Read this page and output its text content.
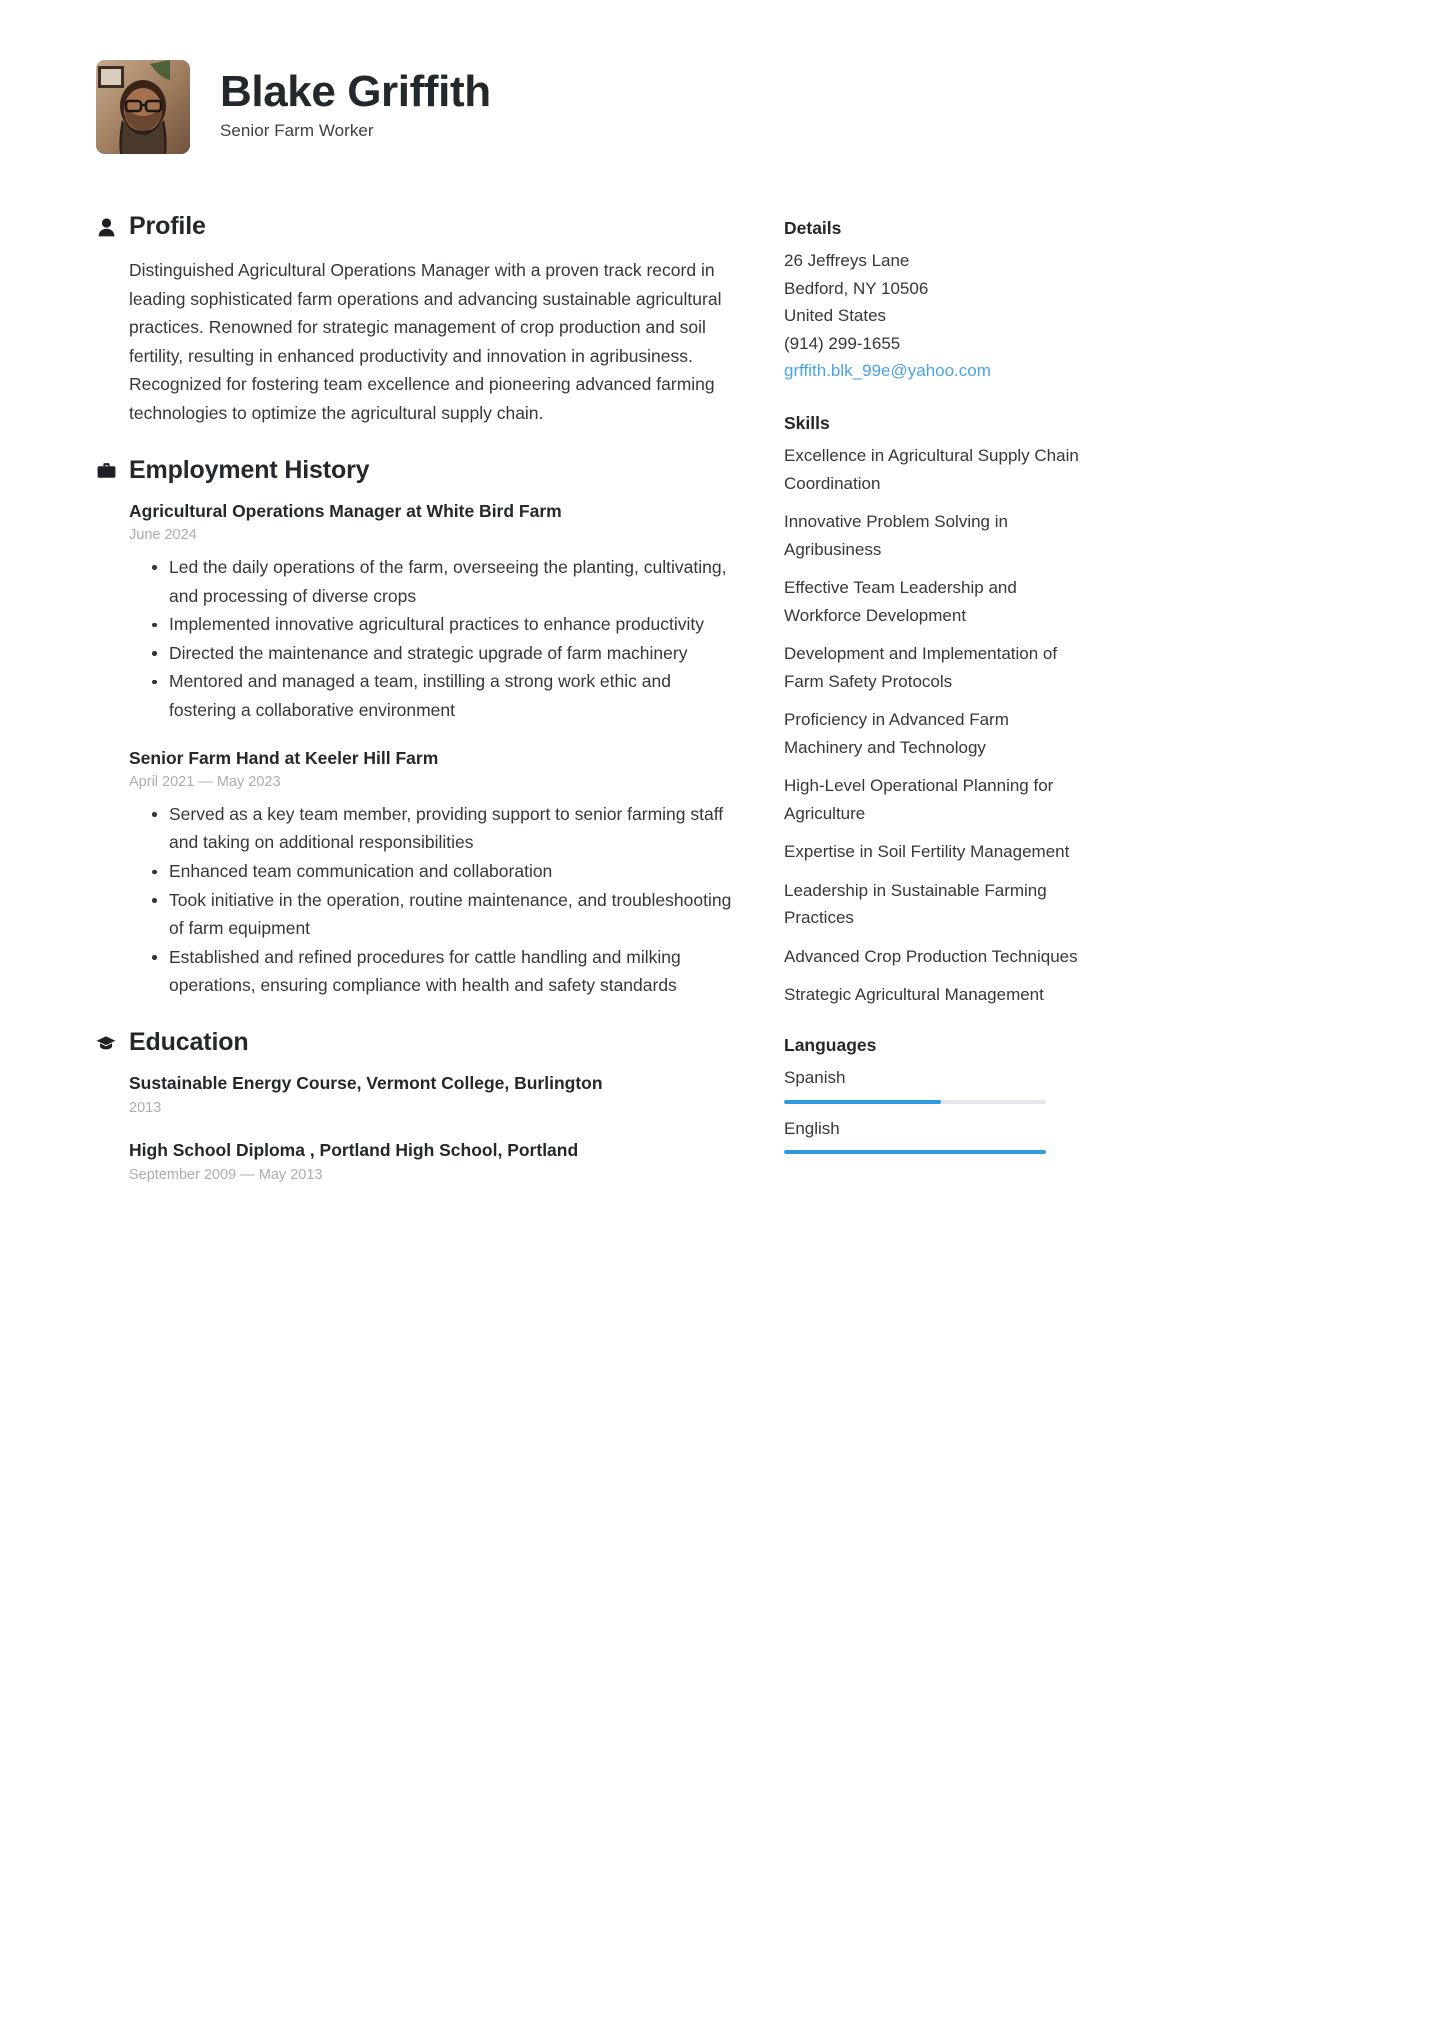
Blake Griffith
Senior Farm Worker
Profile

Distinguished Agricultural Operations Manager with a proven track record in leading sophisticated farm operations and advancing sustainable agricultural practices. Renowned for strategic management of crop production and soil fertility, resulting in enhanced productivity and innovation in agribusiness. Recognized for fostering team excellence and pioneering advanced farming technologies to optimize the agricultural supply chain.

Employment History
Agricultural Operations Manager at White Bird Farm
June 2024
Led the daily operations of the farm, overseeing the planting, cultivating, and processing of diverse crops
Implemented innovative agricultural practices to enhance productivity
Directed the maintenance and strategic upgrade of farm machinery
Mentored and managed a team, instilling a strong work ethic and fostering a collaborative environment
Senior Farm Hand at Keeler Hill Farm
April 2021 — May 2023
Served as a key team member, providing support to senior farming staff and taking on additional responsibilities
Enhanced team communication and collaboration
Took initiative in the operation, routine maintenance, and troubleshooting of farm equipment
Established and refined procedures for cattle handling and milking operations, ensuring compliance with health and safety standards
Education
Sustainable Energy Course, Vermont College, Burlington
2013
High School Diploma , Portland High School, Portland
September 2009 — May 2013
Details
26 Jeffreys Lane
Bedford, NY 10506
United States
(914) 299-1655
grffith.blk_99e@yahoo.com
Skills
Excellence in Agricultural Supply Chain Coordination
Innovative Problem Solving in Agribusiness
Effective Team Leadership and Workforce Development
Development and Implementation of Farm Safety Protocols
Proficiency in Advanced Farm Machinery and Technology
High-Level Operational Planning for Agriculture
Expertise in Soil Fertility Management
Leadership in Sustainable Farming Practices
Advanced Crop Production Techniques
Strategic Agricultural Management
Languages
Spanish
English
